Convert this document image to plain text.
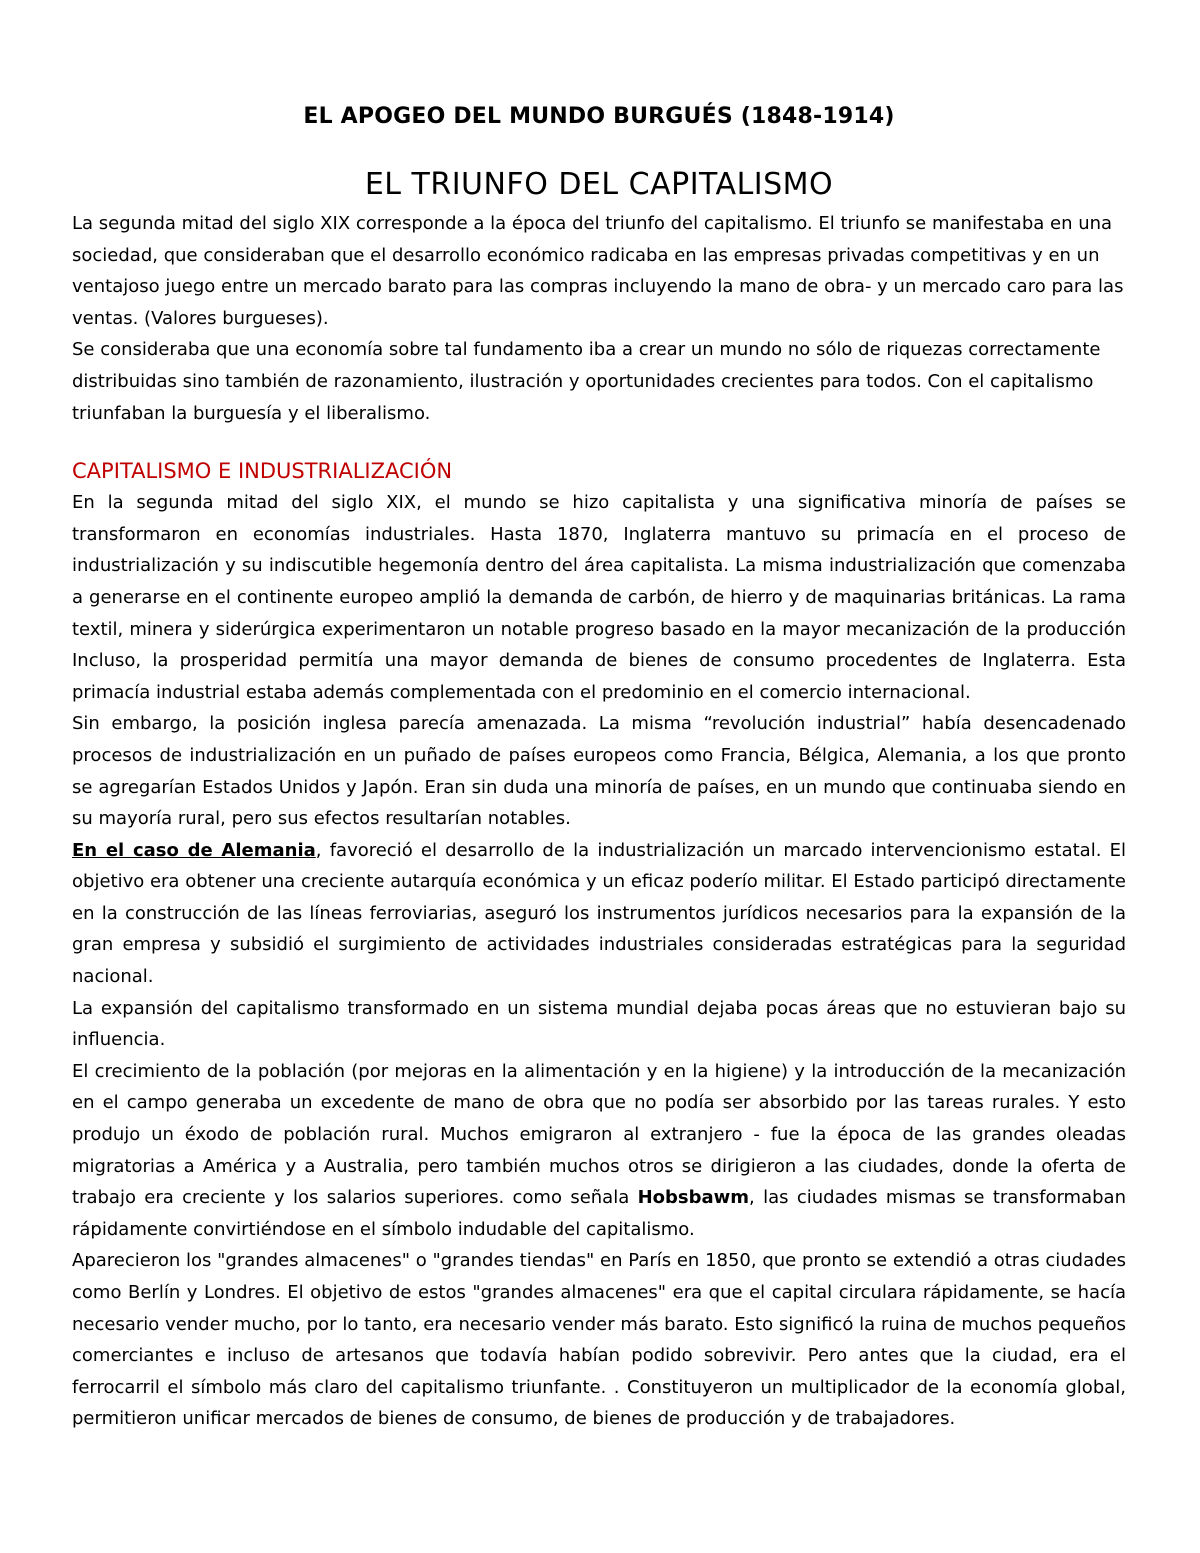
EL APOGEO DEL MUNDO BURGUÉS (1848-1914)
EL TRIUNFO DEL CAPITALISMO

La segunda mitad del siglo XIX corresponde a la época del triunfo del capitalismo. El triunfo se manifestaba en una sociedad, que consideraban que el desarrollo económico radicaba en las empresas privadas competitivas y en un ventajoso juego entre un mercado barato para las compras incluyendo la mano de obra- y un mercado caro para las ventas. (Valores burgueses).

Se consideraba que una economía sobre tal fundamento iba a crear un mundo no sólo de riquezas correctamente distribuidas sino también de razonamiento, ilustración y oportunidades crecientes para todos. Con el capitalismo triunfaban la burguesía y el liberalismo.

CAPITALISMO E INDUSTRIALIZACIÓN

En la segunda mitad del siglo XIX, el mundo se hizo capitalista y una significativa minoría de países se transformaron en economías industriales. Hasta 1870, Inglaterra mantuvo su primacía en el proceso de industrialización y su indiscutible hegemonía dentro del área capitalista. La misma industrialización que comenzaba a generarse en el continente europeo amplió la demanda de carbón, de hierro y de maquinarias británicas. La rama textil, minera y siderúrgica experimentaron un notable progreso basado en la mayor mecanización de la producción Incluso, la prosperidad permitía una mayor demanda de bienes de consumo procedentes de Inglaterra. Esta primacía industrial estaba además complementada con el predominio en el comercio internacional.

Sin embargo, la posición inglesa parecía amenazada. La misma “revolución industrial” había desencadenado procesos de industrialización en un puñado de países europeos como Francia, Bélgica, Alemania, a los que pronto se agregarían Estados Unidos y Japón. Eran sin duda una minoría de países, en un mundo que continuaba siendo en su mayoría rural, pero sus efectos resultarían notables.

En el caso de Alemania, favoreció el desarrollo de la industrialización un marcado intervencionismo estatal. El objetivo era obtener una creciente autarquía económica y un eficaz poderío militar. El Estado participó directamente en la construcción de las líneas ferroviarias, aseguró los instrumentos jurídicos necesarios para la expansión de la gran empresa y subsidió el surgimiento de actividades industriales consideradas estratégicas para la seguridad nacional.

La expansión del capitalismo transformado en un sistema mundial dejaba pocas áreas que no estuvieran bajo su influencia.

El crecimiento de la población (por mejoras en la alimentación y en la higiene) y la introducción de la mecanización en el campo generaba un excedente de mano de obra que no podía ser absorbido por las tareas rurales. Y esto produjo un éxodo de población rural. Muchos emigraron al extranjero - fue la época de las grandes oleadas migratorias a América y a Australia, pero también muchos otros se dirigieron a las ciudades, donde la oferta de trabajo era creciente y los salarios superiores. como señala Hobsbawm, las ciudades mismas se transformaban rápidamente convirtiéndose en el símbolo indudable del capitalismo.

Aparecieron los "grandes almacenes" o "grandes tiendas" en París en 1850, que pronto se extendió a otras ciudades como Berlín y Londres. El objetivo de estos "grandes almacenes" era que el capital circulara rápidamente, se hacía necesario vender mucho, por lo tanto, era necesario vender más barato. Esto significó la ruina de muchos pequeños comerciantes e incluso de artesanos que todavía habían podido sobrevivir. Pero antes que la ciudad, era el ferrocarril el símbolo más claro del capitalismo triunfante. . Constituyeron un multiplicador de la economía global, permitieron unificar mercados de bienes de consumo, de bienes de producción y de trabajadores.
